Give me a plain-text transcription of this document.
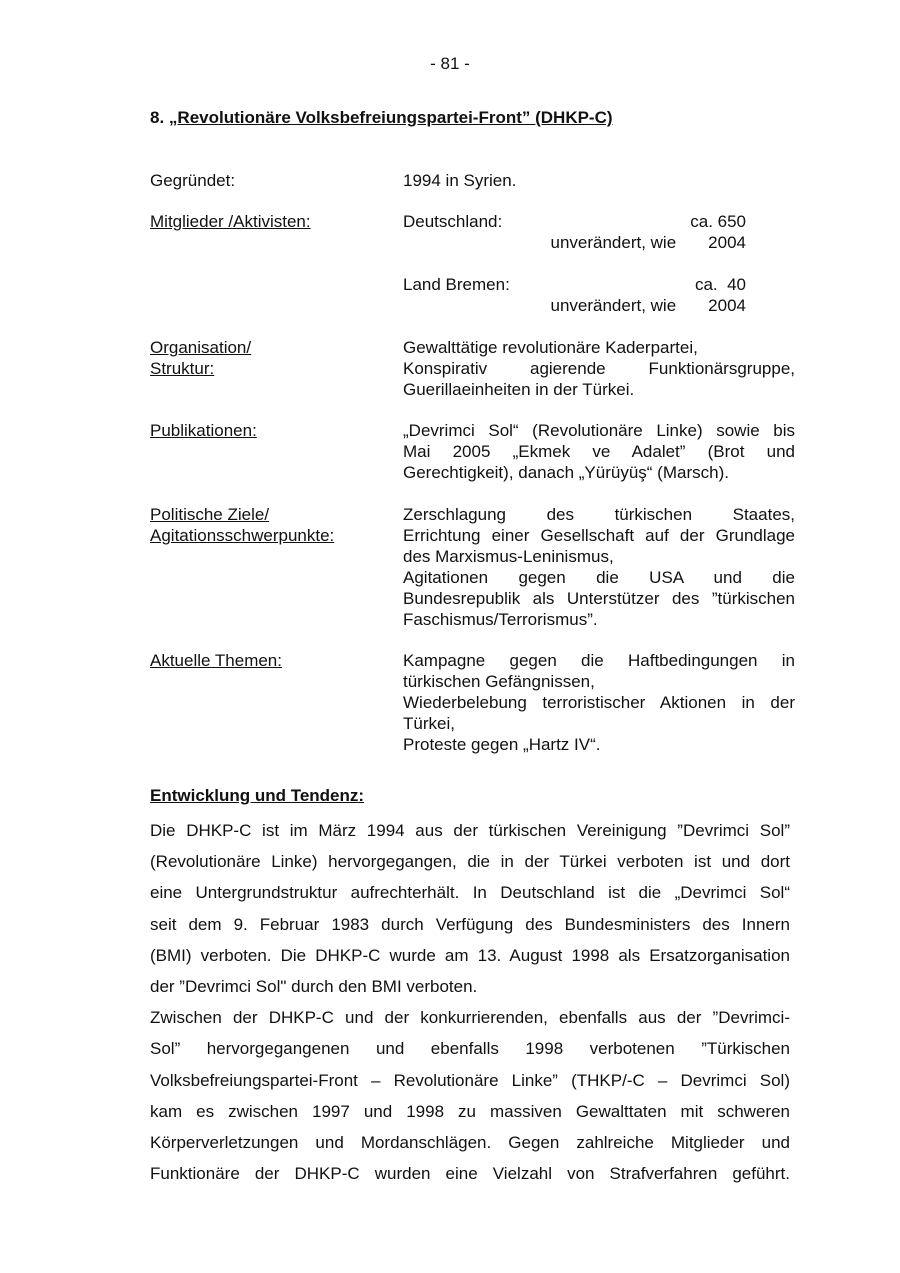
- 81 -
8. „Revolutionäre Volksbefreiungspartei-Front” (DHKP-C)
Gegründet:	1994 in Syrien.
Mitglieder /Aktivisten:	Deutschland:	ca. 650
unverändert, wie 2004
Land Bremen:	ca.  40
unverändert, wie 2004
Organisation/
Struktur:
Gewalttätige revolutionäre Kaderpartei,
Konspirativ agierende Funktionärsgruppe,
Guerillaeinheiten in der Türkei.
Publikationen:	„Devrimci Sol“ (Revolutionäre Linke) sowie bis
Mai 2005 „Ekmek ve Adalet” (Brot und
Gerechtigkeit), danach „Yürüyüş“ (Marsch).
Politische Ziele/
Agitationsschwerpunkte:
Zerschlagung des türkischen Staates,
Errichtung einer Gesellschaft auf der Grundlage
des Marxismus-Leninismus,
Agitationen gegen die USA und die
Bundesrepublik als Unterstützer des ”türkischen
Faschismus/Terrorismus”.
Aktuelle Themen:	Kampagne gegen die Haftbedingungen in
türkischen Gefängnissen,
Wiederbelebung terroristischer Aktionen in der
Türkei,
Proteste gegen „Hartz IV“.
Entwicklung und Tendenz:

Die DHKP-C ist im März 1994 aus der türkischen Vereinigung ”Devrimci Sol”
(Revolutionäre Linke) hervorgegangen, die in der Türkei verboten ist und dort
eine Untergrundstruktur aufrechterhält. In Deutschland ist die „Devrimci Sol“
seit dem 9. Februar 1983 durch Verfügung des Bundesministers des Innern
(BMI) verboten. Die DHKP-C wurde am 13. August 1998 als Ersatzorganisation
der ”Devrimci Sol" durch den BMI verboten.

Zwischen der DHKP-C und der konkurrierenden, ebenfalls aus der ”Devrimci-
Sol” hervorgegangenen und ebenfalls 1998 verbotenen ”Türkischen
Volksbefreiungspartei-Front – Revolutionäre Linke” (THKP/-C – Devrimci Sol)
kam es zwischen 1997 und 1998 zu massiven Gewalttaten mit schweren
Körperverletzungen und Mordanschlägen. Gegen zahlreiche Mitglieder und
Funktionäre der DHKP-C wurden eine Vielzahl von Strafverfahren geführt.
